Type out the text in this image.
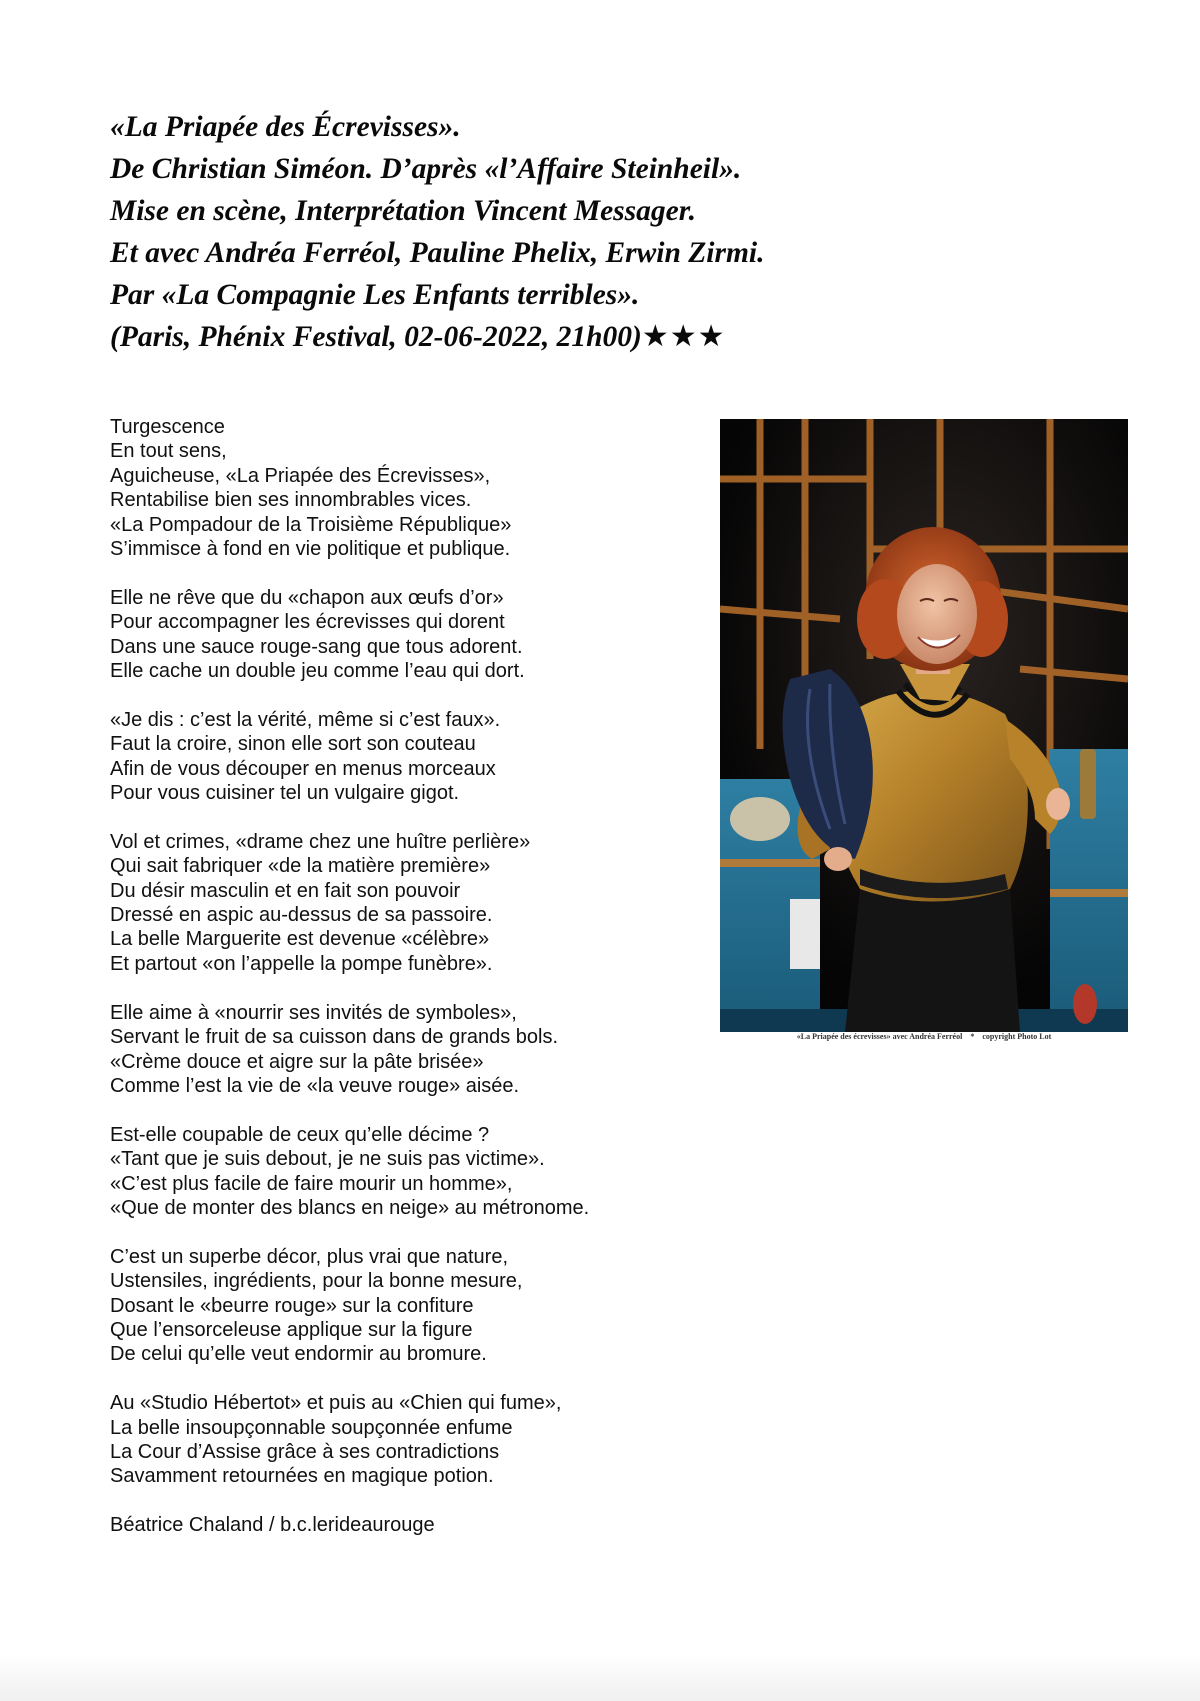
«La Priapée des Écrevisses».
De Christian Siméon. D’après «l’Affaire Steinheil».
Mise en scène, Interprétation Vincent Messager.
Et avec Andréa Ferréol, Pauline Phelix, Erwin Zirmi.
Par «La Compagnie Les Enfants terribles».
(Paris, Phénix Festival, 02-06-2022, 21h00)★★★
Turgescence
En tout sens,
Aguicheuse, «La Priapée des Écrevisses»,
Rentabilise bien ses innombrables vices.
«La Pompadour de la Troisième République»
S’immisce à fond en vie politique et publique.
Elle ne rêve que du «chapon aux œufs d’or»
Pour accompagner les écrevisses qui dorent
Dans une sauce rouge-sang que tous adorent.
Elle cache un double jeu comme l’eau qui dort.
«Je dis : c’est la vérité, même si c’est faux».
Faut la croire, sinon elle sort son couteau
Afin de vous découper en menus morceaux
Pour vous cuisiner tel un vulgaire gigot.
Vol et crimes, «drame chez une huître perlière»
Qui sait fabriquer «de la matière première»
Du désir masculin et en fait son pouvoir
Dressé en aspic au-dessus de sa passoire.
La belle Marguerite est devenue «célèbre»
Et partout «on l’appelle la pompe funèbre».
Elle aime à «nourrir ses invités de symboles»,
Servant le fruit de sa cuisson dans de grands bols.
«Crème douce et aigre sur la pâte brisée»
Comme l’est la vie de «la veuve rouge» aisée.
Est-elle coupable de ceux qu’elle décime ?
«Tant que je suis debout, je ne suis pas victime».
«C’est plus facile de faire mourir un homme»,
«Que de monter des blancs en neige» au métronome.
C’est un superbe décor, plus vrai que nature,
Ustensiles, ingrédients, pour la bonne mesure,
Dosant le «beurre rouge» sur la confiture
Que l’ensorceleuse applique sur la figure
De celui qu’elle veut endormir au bromure.
Au «Studio Hébertot» et puis au «Chien qui fume»,
La belle insoupçonnable soupçonnée enfume
La Cour d’Assise grâce à ses contradictions
Savamment retournées en magique potion.
Béatrice Chaland / b.c.lerideaurouge
«La Priapée des écrevisses» avec Andréa Ferréol * copyright Photo Lot
